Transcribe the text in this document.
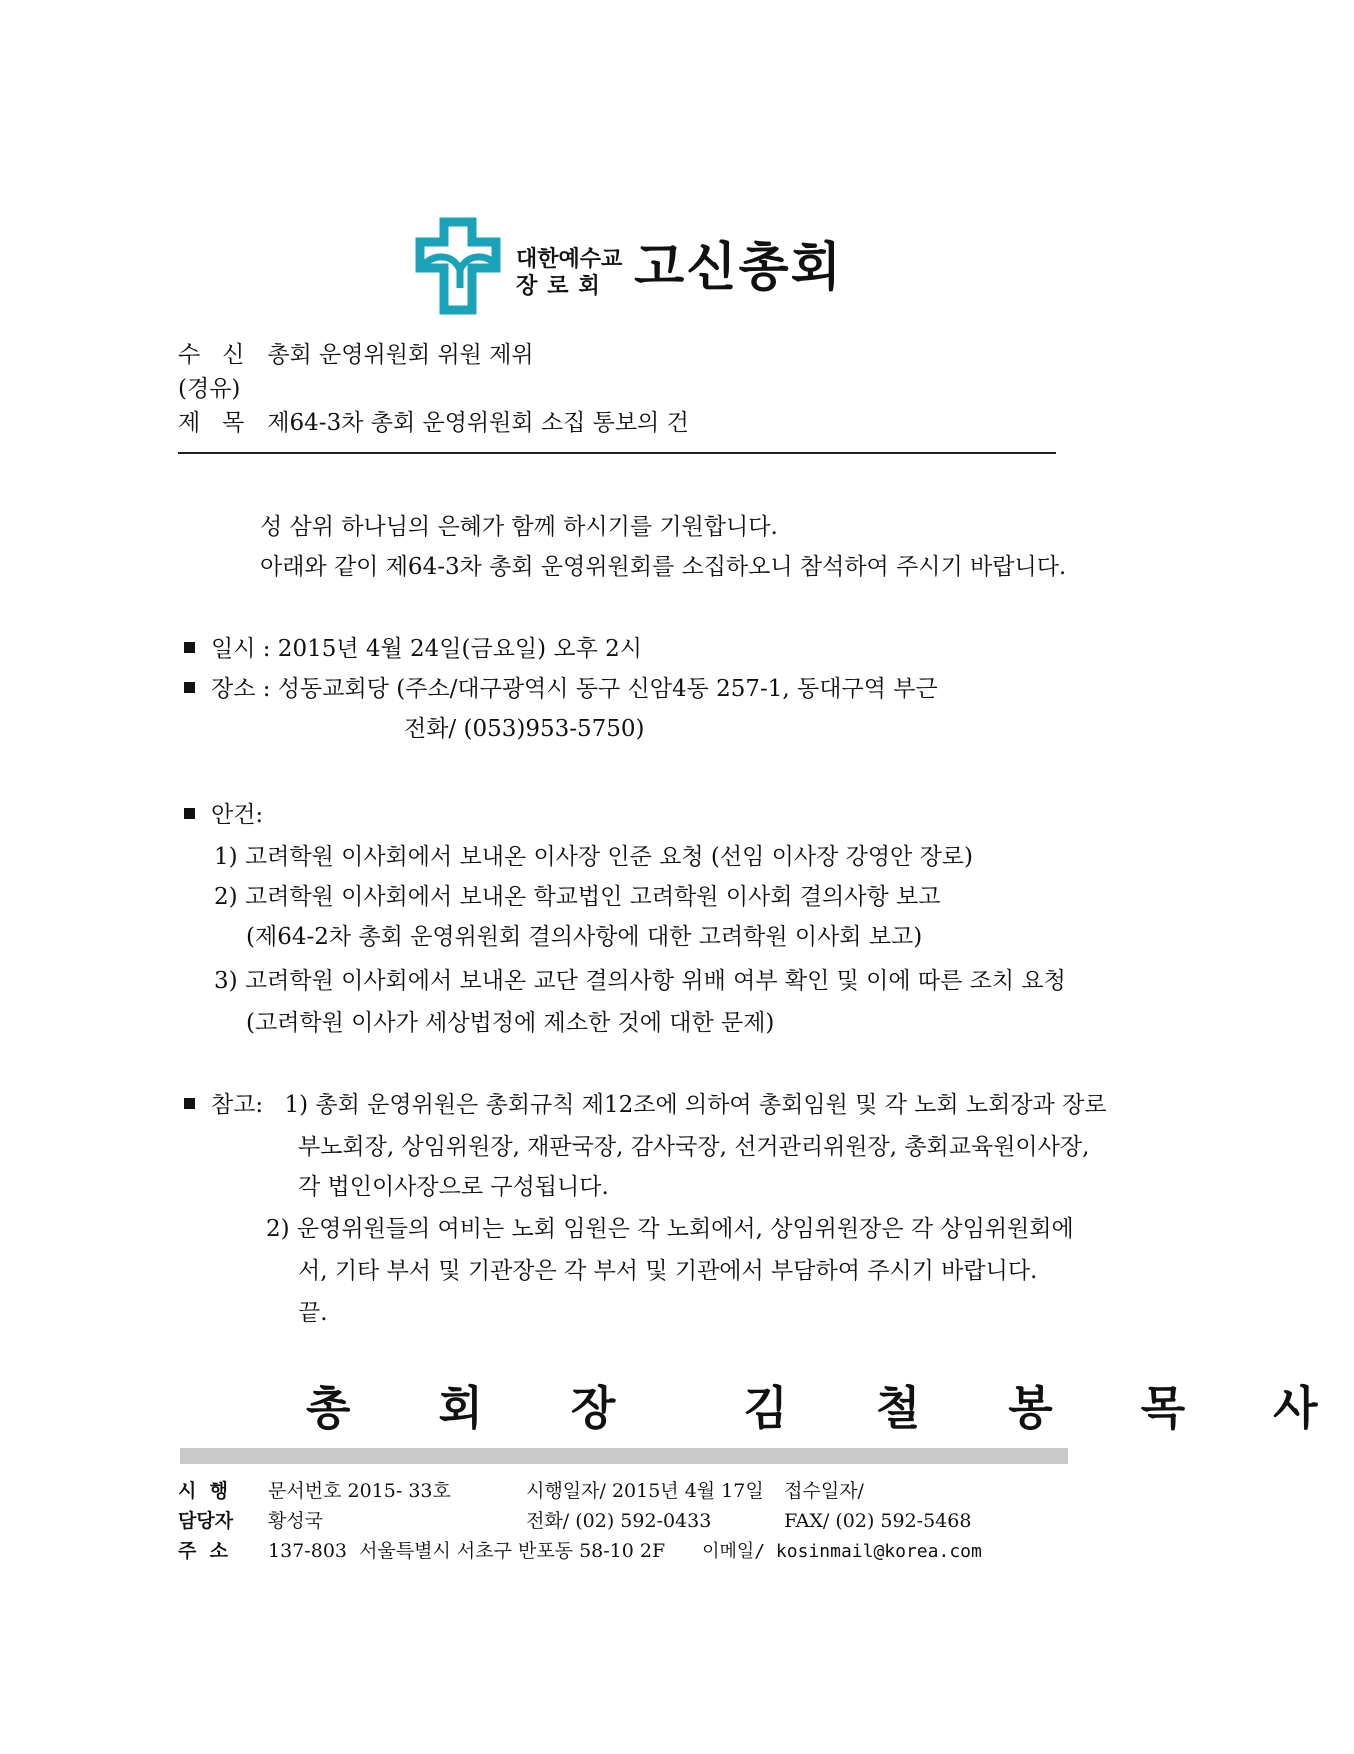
대한예수교
장로회 고신총회
수   신 총회 운영위원회 위원 제위
(경유)
제   목 제64-3차 총회 운영위원회 소집 통보의 건
성 삼위 하나님의 은혜가 함께 하시기를 기원합니다.
아래와 같이 제64-3차 총회 운영위원회를 소집하오니 참석하여 주시기 바랍니다.
일시 : 2015년 4월 24일(금요일) 오후 2시
장소 : 성동교회당 (주소/대구광역시 동구 신암4동 257-1, 동대구역 부근
전화/ (053)953-5750)
안건:
1) 고려학원 이사회에서 보내온 이사장 인준 요청 (선임 이사장 강영안 장로)
2) 고려학원 이사회에서 보내온 학교법인 고려학원 이사회 결의사항 보고
(제64-2차 총회 운영위원회 결의사항에 대한 고려학원 이사회 보고)
3) 고려학원 이사회에서 보내온 교단 결의사항 위배 여부 확인 및 이에 따른 조치 요청
(고려학원 이사가 세상법정에 제소한 것에 대한 문제)
참고: 1) 총회 운영위원은 총회규칙 제12조에 의하여 총회임원 및 각 노회 노회장과 장로
부노회장, 상임위원장, 재판국장, 감사국장, 선거관리위원장, 총회교육원이사장,
각 법인이사장으로 구성됩니다.
2) 운영위원들의 여비는 노회 임원은 각 노회에서, 상임위원장은 각 상임위원회에
서, 기타 부서 및 기관장은 각 부서 및 기관에서 부담하여 주시기 바랍니다.
끝.
총 회 장 김 철 봉 목 사
시  행 문서번호 2015- 33호	시행일자/ 2015년 4월 17일 접수일자/
담당자 황성국	전화/ (02) 592-0433	FAX/ (02) 592-5468
주  소 137-803  서울특별시 서초구 반포동 58-10 2F 이메일/ kosinmail@korea.com
